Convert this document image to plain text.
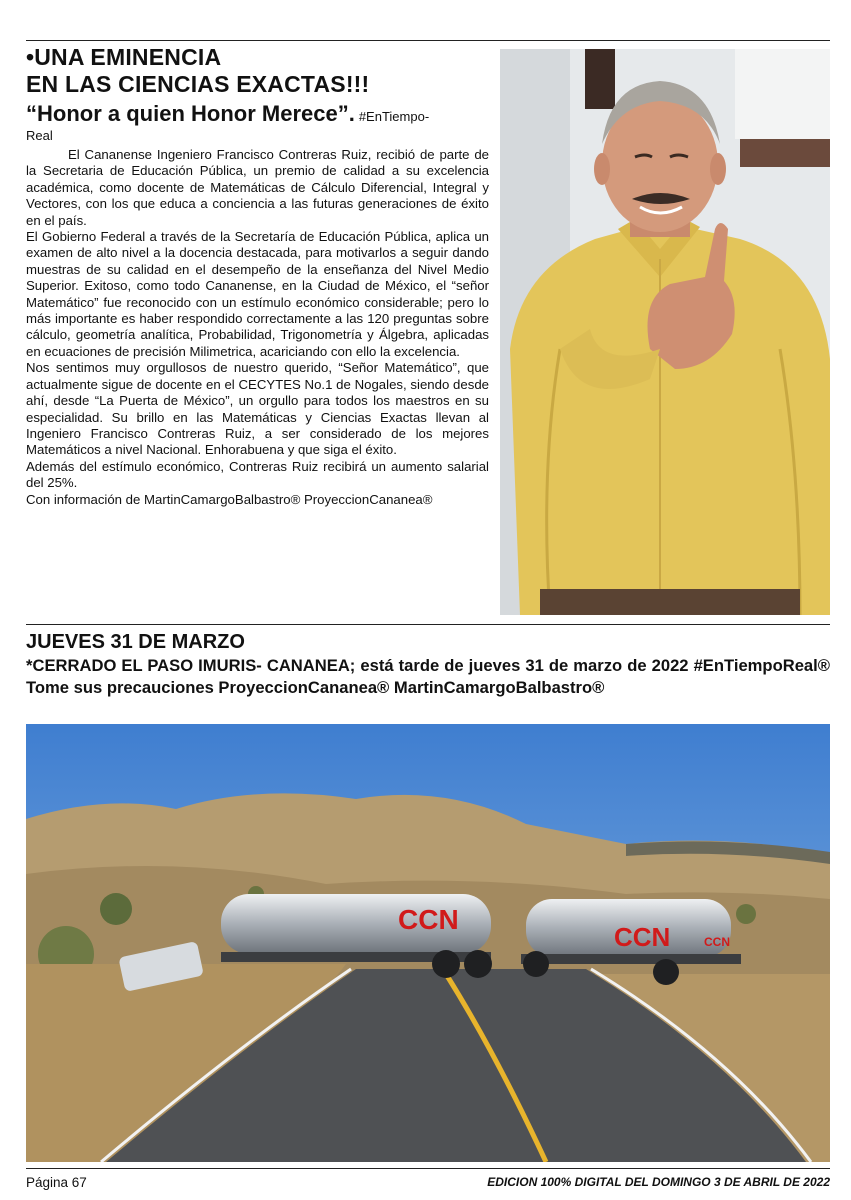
•UNA EMINENCIA
EN LAS CIENCIAS EXACTAS!!!
“Honor a quien Honor Merece”. #EnTiempo-
Real

El Cananense Ingeniero Francisco Contreras Ruiz, recibió de parte de la Secretaria de Educación Pública, un premio de calidad a su excelencia académica, como docente de Matemáticas de Cálculo Diferencial, Integral y Vectores, con los que educa a conciencia a las futuras generaciones de éxito en el país.

El Gobierno Federal a través de la Secretaría de Educación Pública, aplica un examen de alto nivel a la docencia destacada, para motivarlos a seguir dando muestras de su calidad en el desempeño de la enseñanza del Nivel Medio Superior. Exitoso, como todo Cananense, en la Ciudad de México, el “señor Matemático” fue reconocido con un estímulo económico considerable; pero lo más importante es haber respondido correctamente a las 120 preguntas sobre cálculo, geometría analítica, Probabilidad, Trigonometría y Álgebra, aplicadas en ecuaciones de precisión Milimetrica, acariciando con ello la excelencia.

Nos sentimos muy orgullosos de nuestro querido, “Señor Matemático”, que actualmente sigue de docente en el CECYTES No.1 de Nogales, siendo desde ahí, desde “La Puerta de México”, un orgullo para todos los maestros en su especialidad. Su brillo en las Matemáticas y Ciencias Exactas llevan al Ingeniero Francisco Contreras Ruiz, a ser considerado de los mejores Matemáticos a nivel Nacional. Enhorabuena y que siga el éxito.

Además del estímulo económico, Contreras Ruiz recibirá un aumento salarial del 25%.

Con información de MartinCamargoBalbastro® ProyeccionCananea®

JUEVES 31 DE MARZO
*CERRADO EL PASO IMURIS- CANANEA; está tarde de jueves 31 de marzo de 2022 #EnTiempoReal® Tome sus precauciones ProyeccionCananea® MartinCamargoBalbastro®
CCN
CCN	CCN
Página 67	EDICION 100% DIGITAL DEL DOMINGO 3 DE ABRIL DE 2022
